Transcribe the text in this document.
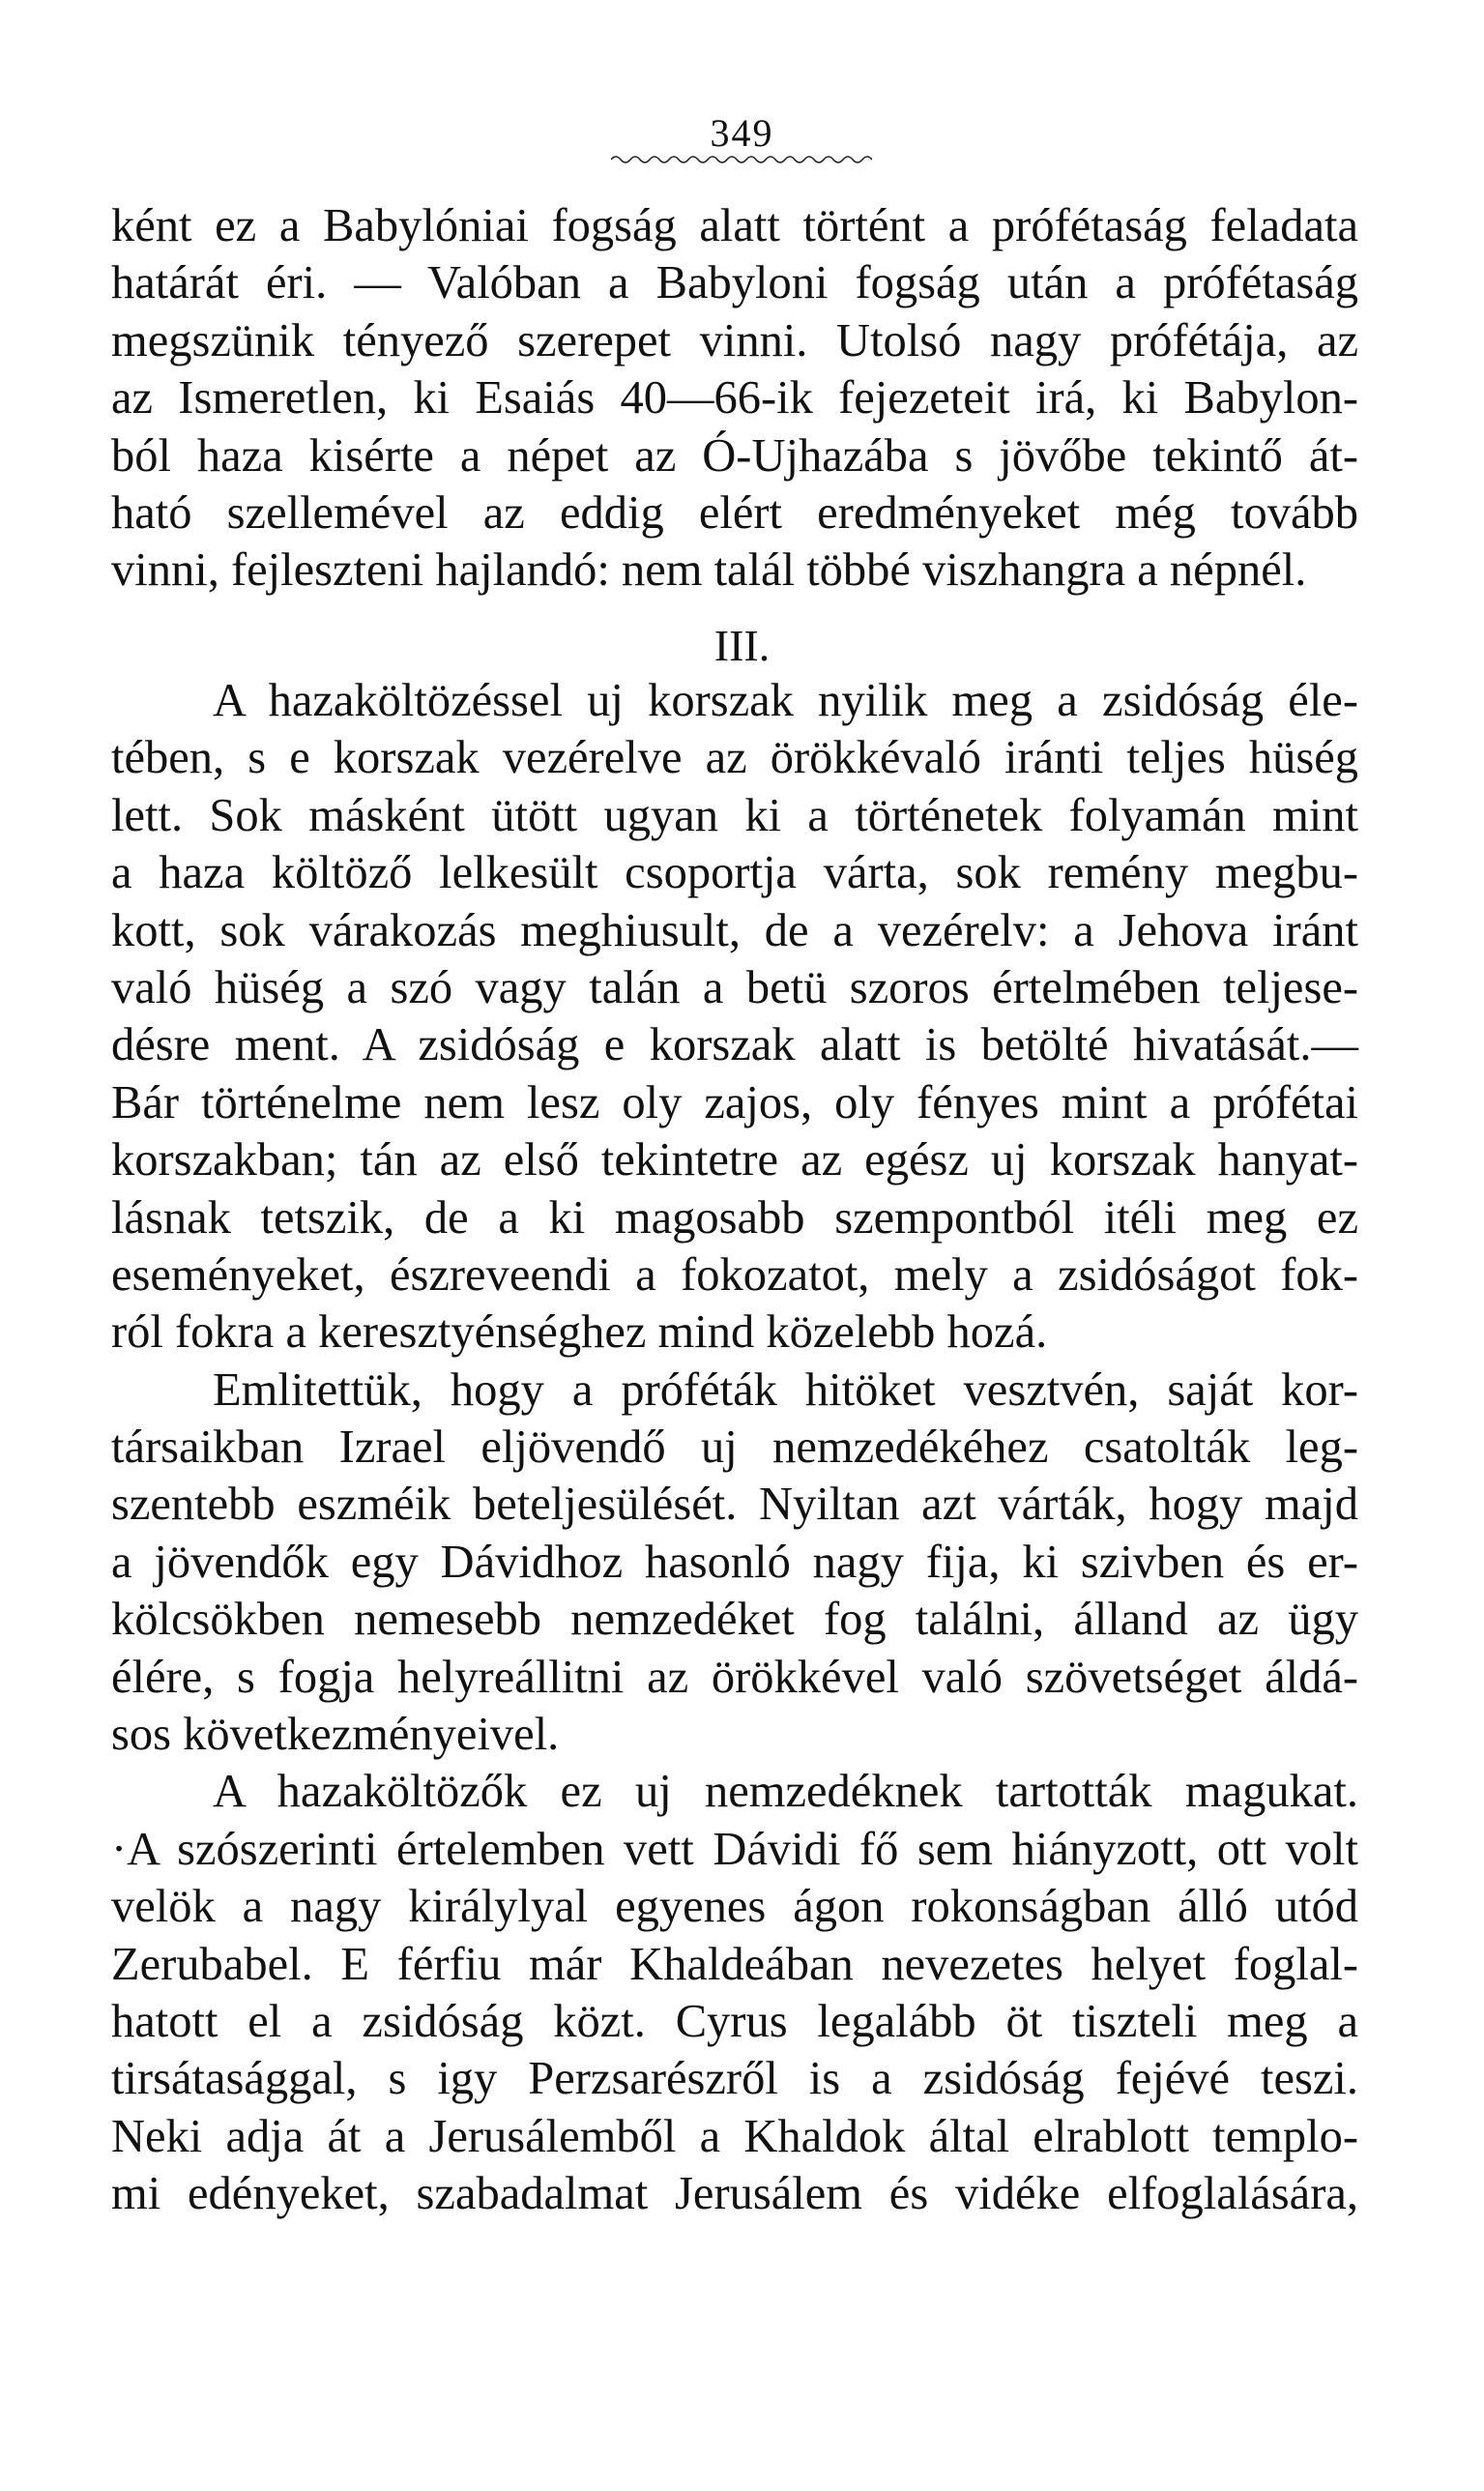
349
ként ez a Babylóniai fogság alatt történt a prófétaság feladata
határát éri. — Valóban a Babyloni fogság után a prófétaság
megszünik tényező szerepet vinni. Utolsó nagy prófétája, az
az Ismeretlen, ki Esaiás 40—66-ik fejezeteit irá, ki Babylon-
ból haza kisérte a népet az Ó-Ujhazába s jövőbe tekintő át-
ható szellemével az eddig elért eredményeket még tovább
vinni, fejleszteni hajlandó: nem talál többé viszhangra a népnél.
III.
A hazaköltözéssel uj korszak nyilik meg a zsidóság éle-
tében, s e korszak vezérelve az örökkévaló iránti teljes hüség
lett. Sok másként ütött ugyan ki a történetek folyamán mint
a haza költöző lelkesült csoportja várta, sok remény megbu-
kott, sok várakozás meghiusult, de a vezérelv: a Jehova iránt
való hüség a szó vagy talán a betü szoros értelmében teljese-
désre ment. A zsidóság e korszak alatt is betölté hivatását.—
Bár történelme nem lesz oly zajos, oly fényes mint a prófétai
korszakban; tán az első tekintetre az egész uj korszak hanyat-
lásnak tetszik, de a ki magosabb szempontból itéli meg ez
eseményeket, észreveendi a fokozatot, mely a zsidóságot fok-
ról fokra a keresztyénséghez mind közelebb hozá.
Emlitettük, hogy a próféták hitöket vesztvén, saját kor-
társaikban Izrael eljövendő uj nemzedékéhez csatolták leg-
szentebb eszméik beteljesülését. Nyiltan azt várták, hogy majd
a jövendők egy Dávidhoz hasonló nagy fija, ki szivben és er-
kölcsökben nemesebb nemzedéket fog találni, álland az ügy
élére, s fogja helyreállitni az örökkével való szövetséget áldá-
sos következményeivel.
A hazaköltözők ez uj nemzedéknek tartották magukat.
·A szószerinti értelemben vett Dávidi fő sem hiányzott, ott volt
velök a nagy királylyal egyenes ágon rokonságban álló utód
Zerubabel. E férfiu már Khaldeában nevezetes helyet foglal-
hatott el a zsidóság közt. Cyrus legalább öt tiszteli meg a
tirsátasággal, s igy Perzsarészről is a zsidóság fejévé teszi.
Neki adja át a Jerusálemből a Khaldok által elrablott templo-
mi edényeket, szabadalmat Jerusálem és vidéke elfoglalására,
